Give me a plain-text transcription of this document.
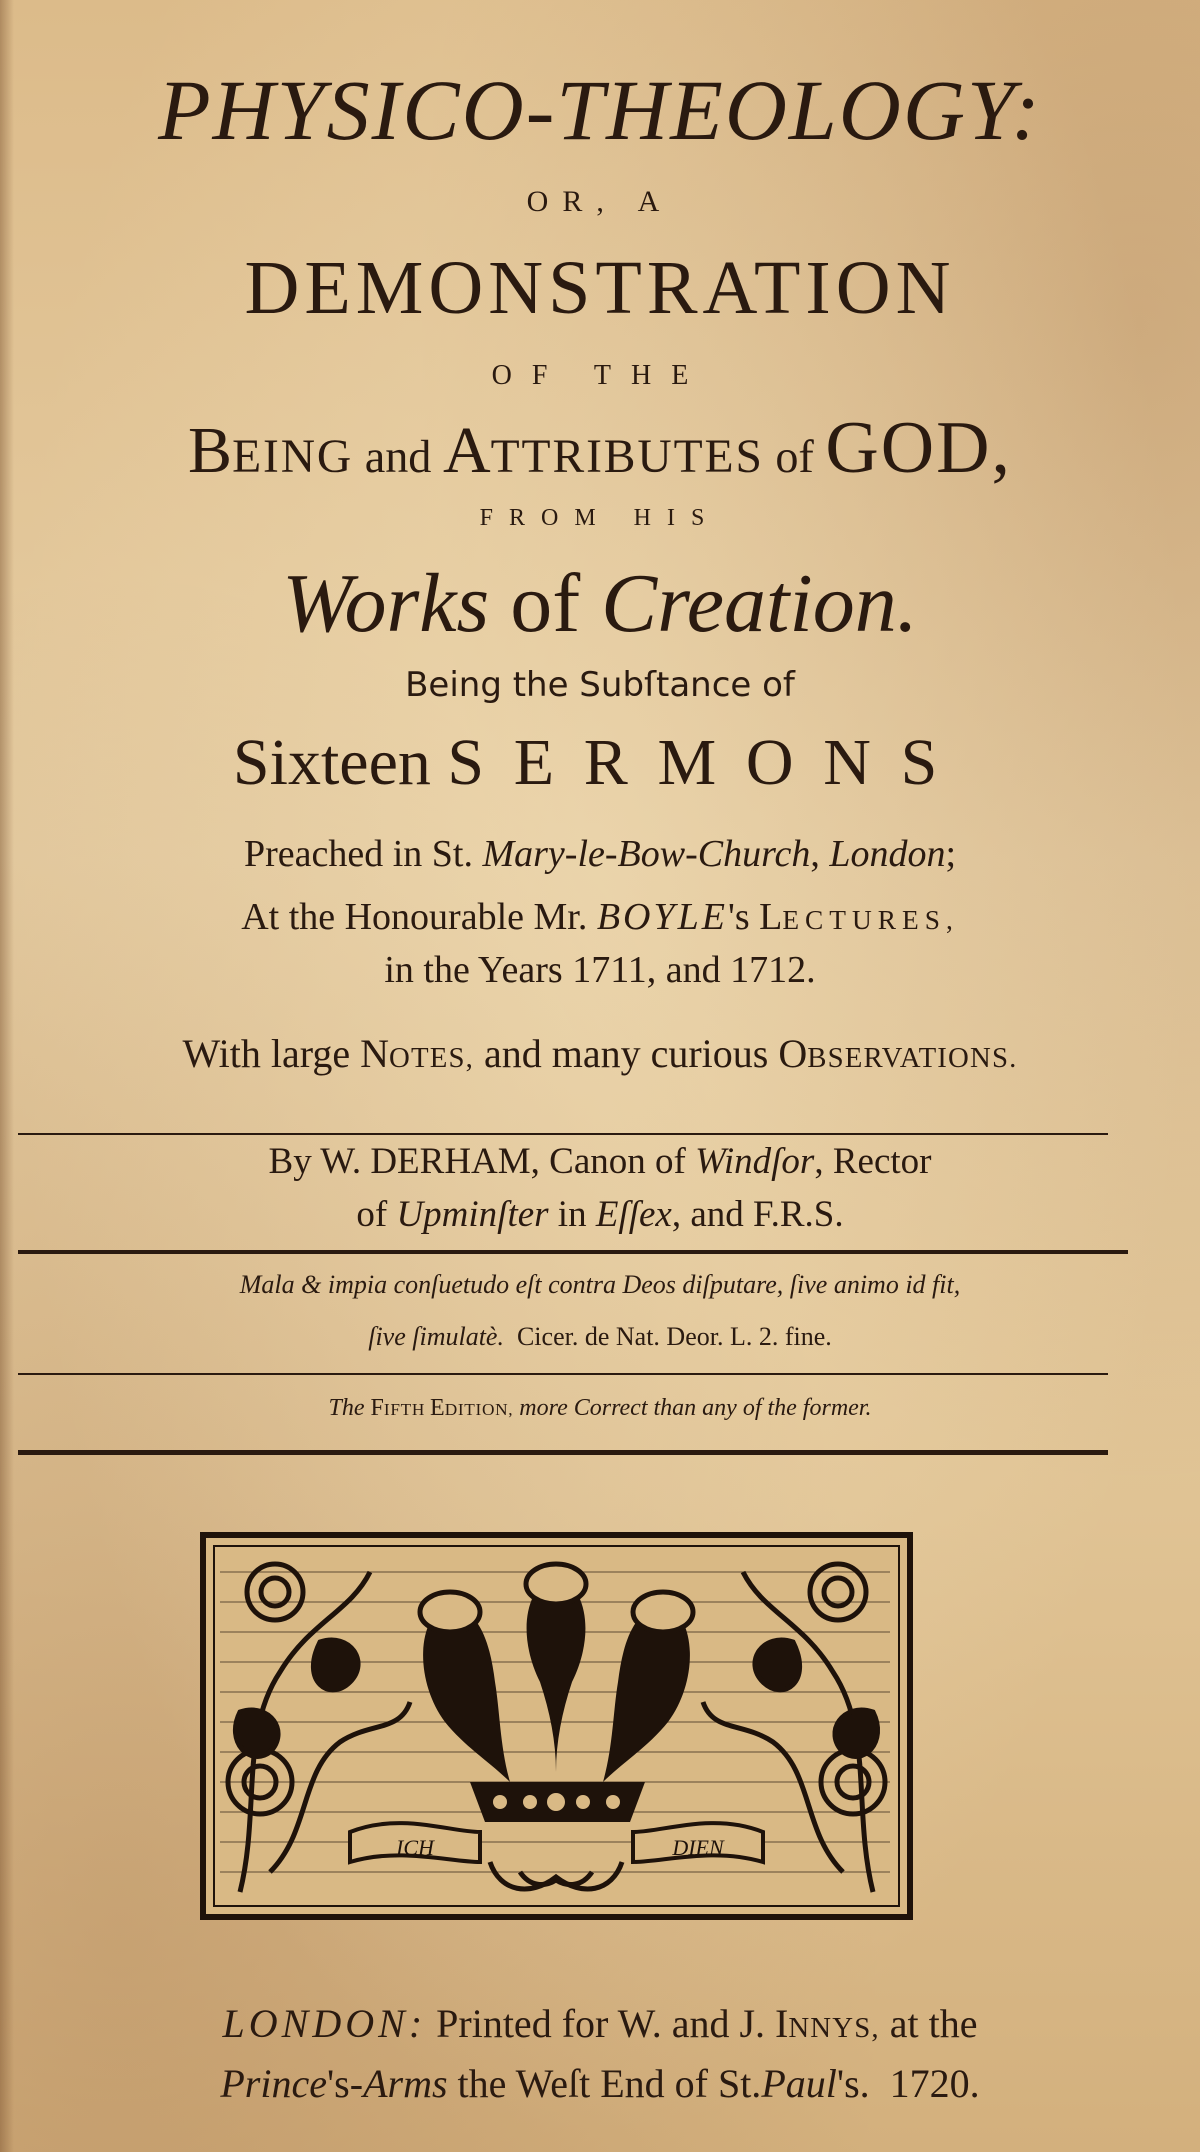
PHYSICO-THEOLOGY:
OR, A
DEMONSTRATION
OF THE
BEING and ATTRIBUTES of GOD,
FROM HIS
Works of Creation.
Being the Subſtance of
Sixteen SERMONS
Preached in St. Mary-le-Bow-Church, London;
At the Honourable Mr. BOYLE's LECTURES,
in the Years 1711, and 1712.
With large NOTES, and many curious OBSERVATIONS.
By W. DERHAM, Canon of Windſor, Rector
of Upminſter in Eſſex, and F.R.S.
Mala & impia conſuetudo eſt contra Deos diſputare, ſive animo id fit,
ſive ſimulatè. Cicer. de Nat. Deor. L. 2. fine.
The FIFTH EDITION, more Correct than any of the former.
ICH	DIEN
LONDON: Printed for W. and J. INNYS, at the
Prince's-Arms the Weſt End of St.Paul's. 1720.
